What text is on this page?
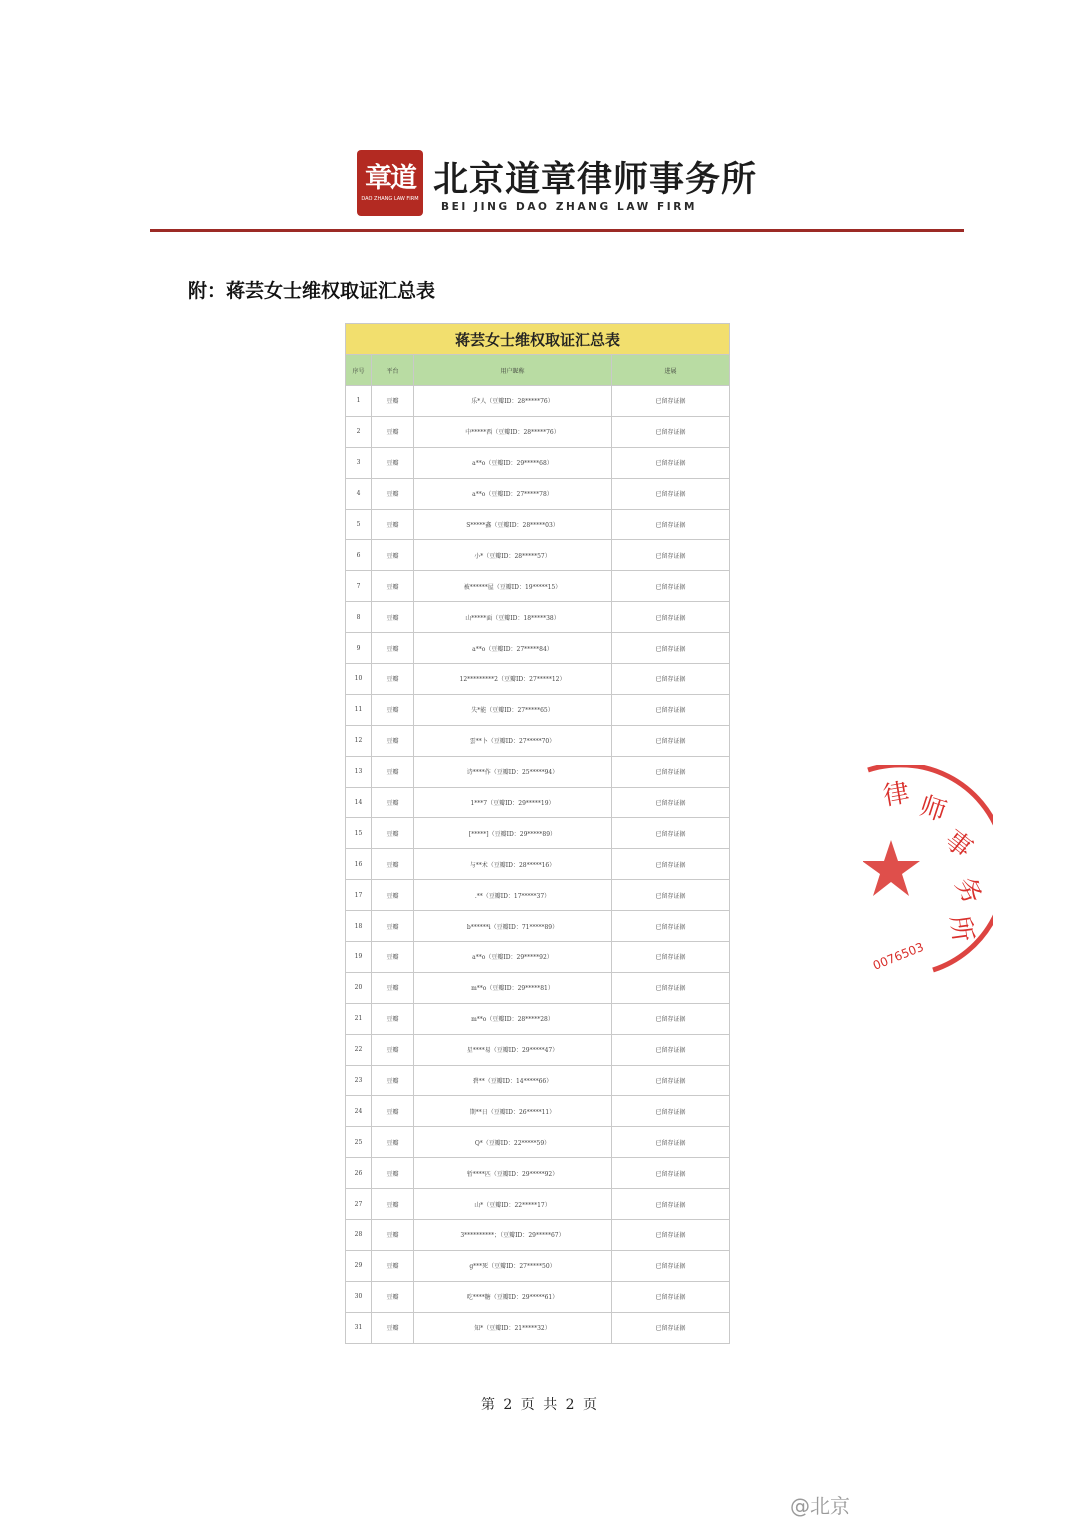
章道
DAO ZHANG LAW FIRM 北京道章律师事务所
BEI JING DAO ZHANG LAW FIRM
附：蒋芸女士维权取证汇总表
蒋芸女士维权取证汇总表			
序号	平台	用户昵称	进展
1	豆瓣	乐*人（豆瓣ID：28*****76）	已留存证据
2	豆瓣	中*****西（豆瓣ID：28*****76）	已留存证据
3	豆瓣	a**o（豆瓣ID：29*****68）	已留存证据
4	豆瓣	a**o（豆瓣ID：27*****78）	已留存证据
5	豆瓣	S*****鑫（豆瓣ID：28*****03）	已留存证据
6	豆瓣	小*（豆瓣ID：28*****57）	已留存证据
7	豆瓣	被******屋（豆瓣ID：19*****15）	已留存证据
8	豆瓣	山*****面（豆瓣ID：18*****38）	已留存证据
9	豆瓣	a**o（豆瓣ID：27*****84）	已留存证据
10	豆瓣	12*********2（豆瓣ID：27*****12）	已留存证据
11	豆瓣	失*能（豆瓣ID：27*****65）	已留存证据
12	豆瓣	雲**卜（豆瓣ID：27*****70）	已留存证据
13	豆瓣	诗****作（豆瓣ID：25*****94）	已留存证据
14	豆瓣	1***7（豆瓣ID：29*****19）	已留存证据
15	豆瓣	[*****]（豆瓣ID：29*****89）	已留存证据
16	豆瓣	与**术（豆瓣ID：28*****16）	已留存证据
17	豆瓣	.**（豆瓣ID：17*****37）	已留存证据
18	豆瓣	b******i（豆瓣ID：71*****89）	已留存证据
19	豆瓣	a**o（豆瓣ID：29*****92）	已留存证据
20	豆瓣	m**o（豆瓣ID：29*****81）	已留存证据
21	豆瓣	m**o（豆瓣ID：28*****28）	已留存证据
22	豆瓣	星****易（豆瓣ID：29*****47）	已留存证据
23	豆瓣	碧**（豆瓣ID：14*****66）	已留存证据
24	豆瓣	期**日（豆瓣ID：26*****11）	已留存证据
25	豆瓣	Q*（豆瓣ID：22*****59）	已留存证据
26	豆瓣	暂****匹（豆瓣ID：29*****92）	已留存证据
27	豆瓣	山*（豆瓣ID：22*****17）	已留存证据
28	豆瓣	3**********；（豆瓣ID：29*****67）	已留存证据
29	豆瓣	g***死（豆瓣ID：27*****50）	已留存证据
30	豆瓣	吃****糖（豆瓣ID：29*****61）	已留存证据
31	豆瓣	知*（豆瓣ID：21*****32）	已留存证据
第 2 页 共 2 页
律 师
事
务
所
0076503
@北京
